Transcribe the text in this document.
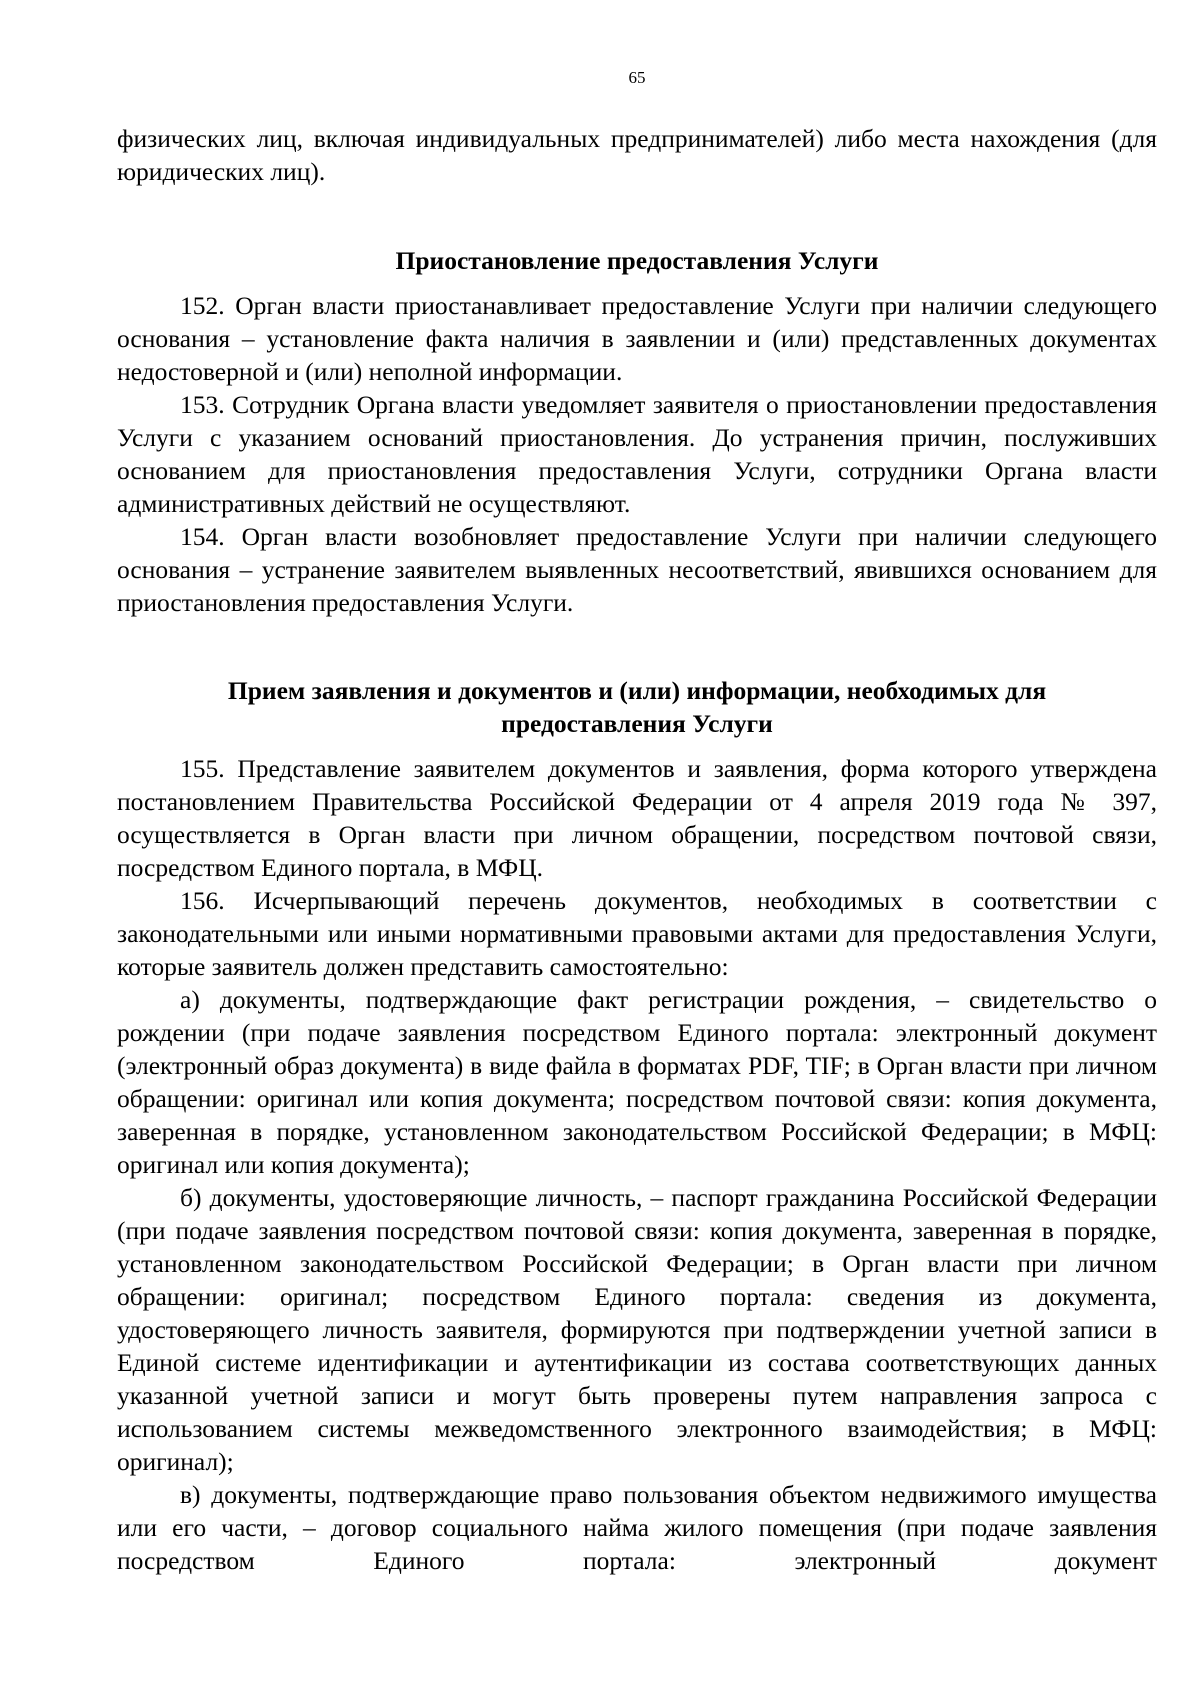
65

физических лиц, включая индивидуальных предпринимателей) либо места нахождения (для юридических лиц).

Приостановление предоставления Услуги

152. Орган власти приостанавливает предоставление Услуги при наличии следующего основания – установление факта наличия в заявлении и (или) представленных документах недостоверной и (или) неполной информации.

153. Сотрудник Органа власти уведомляет заявителя о приостановлении предоставления Услуги с указанием оснований приостановления. До устранения причин, послуживших основанием для приостановления предоставления Услуги, сотрудники Органа власти административных действий не осуществляют.

154. Орган власти возобновляет предоставление Услуги при наличии следующего основания – устранение заявителем выявленных несоответствий, явившихся основанием для приостановления предоставления Услуги.

Прием заявления и документов и (или) информации, необходимых для
предоставления Услуги

155. Представление заявителем документов и заявления, форма которого утверждена постановлением Правительства Российской Федерации от 4 апреля 2019 года № 397, осуществляется в Орган власти при личном обращении, посредством почтовой связи, посредством Единого портала, в МФЦ.

156. Исчерпывающий перечень документов, необходимых в соответствии с законодательными или иными нормативными правовыми актами для предоставления Услуги, которые заявитель должен представить самостоятельно:

а) документы, подтверждающие факт регистрации рождения, – свидетельство о рождении (при подаче заявления посредством Единого портала: электронный документ (электронный образ документа) в виде файла в форматах PDF, TIF; в Орган власти при личном обращении: оригинал или копия документа; посредством почтовой связи: копия документа, заверенная в порядке, установленном законодательством Российской Федерации; в МФЦ: оригинал или копия документа);

б) документы, удостоверяющие личность, – паспорт гражданина Российской Федерации (при подаче заявления посредством почтовой связи: копия документа, заверенная в порядке, установленном законодательством Российской Федерации; в Орган власти при личном обращении: оригинал; посредством Единого портала: сведения из документа, удостоверяющего личность заявителя, формируются при подтверждении учетной записи в Единой системе идентификации и аутентификации из состава соответствующих данных указанной учетной записи и могут быть проверены путем направления запроса с использованием системы межведомственного электронного взаимодействия; в МФЦ: оригинал);

в) документы, подтверждающие право пользования объектом недвижимого имущества или его части, – договор социального найма жилого помещения (при подаче заявления посредством Единого портала: электронный документ
